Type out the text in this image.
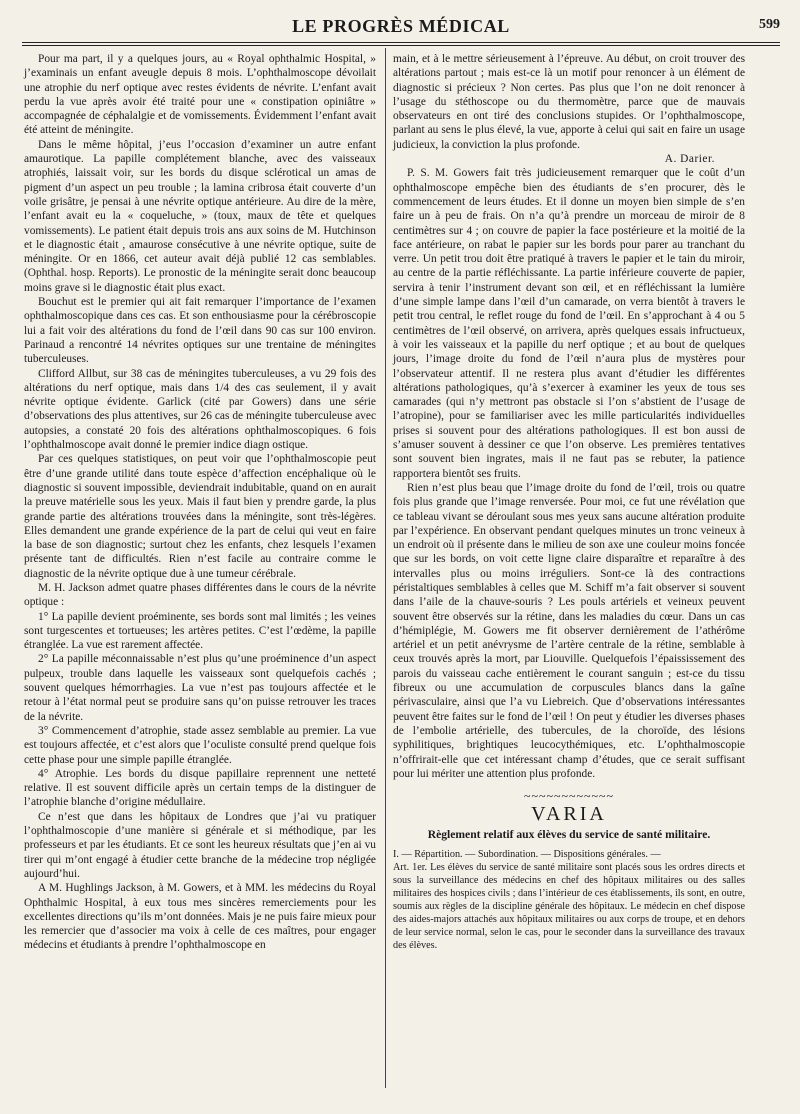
LE PROGRÈS MÉDICAL	599

Pour ma part, il y a quelques jours, au « Royal ophthalmic Hospital, » j’examinais un enfant aveugle depuis 8 mois. L’ophthalmoscope dévoilait une atrophie du nerf optique avec restes évidents de névrite. L’enfant avait perdu la vue après avoir été traité pour une « constipation opiniâtre » accompagnée de céphalalgie et de vomissements. Évidemment l’enfant avait été atteint de méningite.

Dans le même hôpital, j’eus l’occasion d’examiner un autre enfant amaurotique. La papille complétement blanche, avec des vaisseaux atrophiés, laissait voir, sur les bords du disque sclérotical un amas de pigment d’un aspect un peu trouble ; la lamina cribrosa était couverte d’un voile grisâtre, je pensai à une névrite optique antérieure. Au dire de la mère, l’enfant avait eu la « coqueluche, » (toux, maux de tête et quelques vomissements). Le patient était depuis trois ans aux soins de M. Hutchinson et le diagnostic était , amaurose consécutive à une névrite optique, suite de méningite. Or en 1866, cet auteur avait déjà publié 12 cas semblables. (Ophthal. hosp. Reports). Le pronostic de la méningite serait donc beaucoup moins grave si le diagnostic était plus exact.

Bouchut est le premier qui ait fait remarquer l’importance de l’examen ophthalmoscopique dans ces cas. Et son enthousiasme pour la cérébroscopie lui a fait voir des altérations du fond de l’œil dans 90 cas sur 100 environ. Parinaud a rencontré 14 névrites optiques sur une trentaine de méningites tuberculeuses.

Clifford Allbut, sur 38 cas de méningites tuberculeuses, a vu 29 fois des altérations du nerf optique, mais dans 1/4 des cas seulement, il y avait névrite optique évidente. Garlick (cité par Gowers) dans une série d’observations des plus attentives, sur 26 cas de méningite tuberculeuse avec autopsies, a constaté 20 fois des altérations ophthalmoscopiques. 6 fois l’ophthalmoscope avait donné le premier indice diagn ostique.

Par ces quelques statistiques, on peut voir que l’ophthalmoscopie peut être d’une grande utilité dans toute espèce d’affection encéphalique où le diagnostic si souvent impossible, deviendrait indubitable, quand on en aurait la preuve matérielle sous les yeux. Mais il faut bien y prendre garde, la plus grande partie des altérations trouvées dans la méningite, sont très-légères. Elles demandent une grande expérience de la part de celui qui veut en faire la base de son diagnostic; surtout chez les enfants, chez lesquels l’examen présente tant de difficultés. Rien n’est facile au contraire comme le diagnostic de la névrite optique due à une tumeur cérébrale.

M. H. Jackson admet quatre phases différentes dans le cours de la névrite optique :

1° La papille devient proéminente, ses bords sont mal limités ; les veines sont turgescentes et tortueuses; les artères petites. C’est l’œdème, la papille étranglée. La vue est rarement affectée.

2° La papille méconnaissable n’est plus qu’une proéminence d’un aspect pulpeux, trouble dans laquelle les vaisseaux sont quelquefois cachés ; souvent quelques hémorrhagies. La vue n’est pas toujours affectée et le retour à l’état normal peut se produire sans qu’on puisse retrouver les traces de la névrite.

3° Commencement d’atrophie, stade assez semblable au premier. La vue est toujours affectée, et c’est alors que l’oculiste consulté prend quelque fois cette phase pour une simple papille étranglée.

4° Atrophie. Les bords du disque papillaire reprennent une netteté relative. Il est souvent difficile après un certain temps de la distinguer de l’atrophie blanche d’origine médullaire.

Ce n’est que dans les hôpitaux de Londres que j’ai vu pratiquer l’ophthalmoscopie d’une manière si générale et si méthodique, par les professeurs et par les étudiants. Et ce sont les heureux résultats que j’en ai vu tirer qui m’ont engagé à étudier cette branche de la médecine trop négligée aujourd’hui.

A M. Hughlings Jackson, à M. Gowers, et à MM. les médecins du Royal Ophthalmic Hospital, à eux tous mes sincères remerciements pour les excellentes directions qu’ils m’ont données. Mais je ne puis faire mieux pour les remercier que d’associer ma voix à celle de ces maîtres, pour engager médecins et étudiants à prendre l’ophthalmoscope en

main, et à le mettre sérieusement à l’épreuve. Au début, on croit trouver des altérations partout ; mais est-ce là un motif pour renoncer à un élément de diagnostic si précieux ? Non certes. Pas plus que l’on ne doit renoncer à l’usage du stéthoscope ou du thermomètre, parce que de mauvais observateurs en ont tiré des conclusions stupides. Or l’ophthalmoscope, parlant au sens le plus élevé, la vue, apporte à celui qui sait en faire un usage judicieux, la conviction la plus profonde.

A. Darier.

P. S. M. Gowers fait très judicieusement remarquer que le coût d’un ophthalmoscope empêche bien des étudiants de s’en procurer, dès le commencement de leurs études. Et il donne un moyen bien simple de s’en faire un à peu de frais. On n’a qu’à prendre un morceau de miroir de 8 centimètres sur 4 ; on couvre de papier la face postérieure et la moitié de la face antérieure, on rabat le papier sur les bords pour parer au tranchant du verre. Un petit trou doit être pratiqué à travers le papier et le tain du miroir, au centre de la partie réfléchissante. La partie inférieure couverte de papier, servira à tenir l’instrument devant son œil, et en réfléchissant la lumière d’une simple lampe dans l’œil d’un camarade, on verra bientôt à travers le petit trou central, le reflet rouge du fond de l’œil. En s’approchant à 4 ou 5 centimètres de l’œil observé, on arrivera, après quelques essais infructueux, à voir les vaisseaux et la papille du nerf optique ; et au bout de quelques jours, l’image droite du fond de l’œil n’aura plus de mystères pour l’observateur attentif. Il ne restera plus avant d’étudier les différentes altérations pathologiques, qu’à s’exercer à examiner les yeux de tous ses camarades (qui n’y mettront pas obstacle si l’on s’abstient de l’usage de l’atropine), pour se familiariser avec les mille particularités individuelles prises si souvent pour des altérations pathologiques. Il est bon aussi de s’amuser souvent à dessiner ce que l’on observe. Les premières tentatives sont souvent bien ingrates, mais il ne faut pas se rebuter, la patience rapportera bientôt ses fruits.

Rien n’est plus beau que l’image droite du fond de l’œil, trois ou quatre fois plus grande que l’image renversée. Pour moi, ce fut une révélation que ce tableau vivant se déroulant sous mes yeux sans aucune altération produite par l’expérience. En observant pendant quelques minutes un tronc veineux à un endroit où il présente dans le milieu de son axe une couleur moins foncée que sur les bords, on voit cette ligne claire disparaître et reparaître à des intervalles plus ou moins irréguliers. Sont-ce là des contractions péristaltiques semblables à celles que M. Schiff m’a fait observer si souvent dans l’aile de la chauve-souris ? Les pouls artériels et veineux peuvent souvent être observés sur la rétine, dans les maladies du cœur. Dans un cas d’hémiplégie, M. Gowers me fit observer dernièrement de l’athérôme artériel et un petit anévrysme de l’artère centrale de la rétine, semblable à ceux trouvés après la mort, par Liouville. Quelquefois l’épaississement des parois du vaisseau cache entièrement le courant sanguin ; est-ce du tissu fibreux ou une accumulation de corpuscules blancs dans la gaîne périvasculaire, ainsi que l’a vu Liebreich. Que d’observations intéressantes peuvent être faites sur le fond de l’œil ! On peut y étudier les diverses phases de l’embolie artérielle, des tubercules, de la choroïde, des lésions syphilitiques, brightiques leucocythémiques, etc. L’ophthalmoscopie n’offrirait-elle que cet intéressant champ d’études, que ce serait suffisant pour lui mériter une attention plus profonde.

~~~~~~~~~~~~
VARIA
Règlement relatif aux élèves du service de santé militaire.

I. — Répartition. — Subordination. — Dispositions générales. —

Art. 1er. Les élèves du service de santé militaire sont placés sous les ordres directs et sous la surveillance des médecins en chef des hôpitaux militaires ou des salles militaires des hospices civils ; dans l’intérieur de ces établissements, ils sont, en outre, soumis aux règles de la discipline générale des hôpitaux. Le médecin en chef dispose des aides-majors attachés aux hôpitaux militaires ou aux corps de troupe, et en dehors de leur service normal, selon le cas, pour le seconder dans la surveillance des travaux des élèves.
